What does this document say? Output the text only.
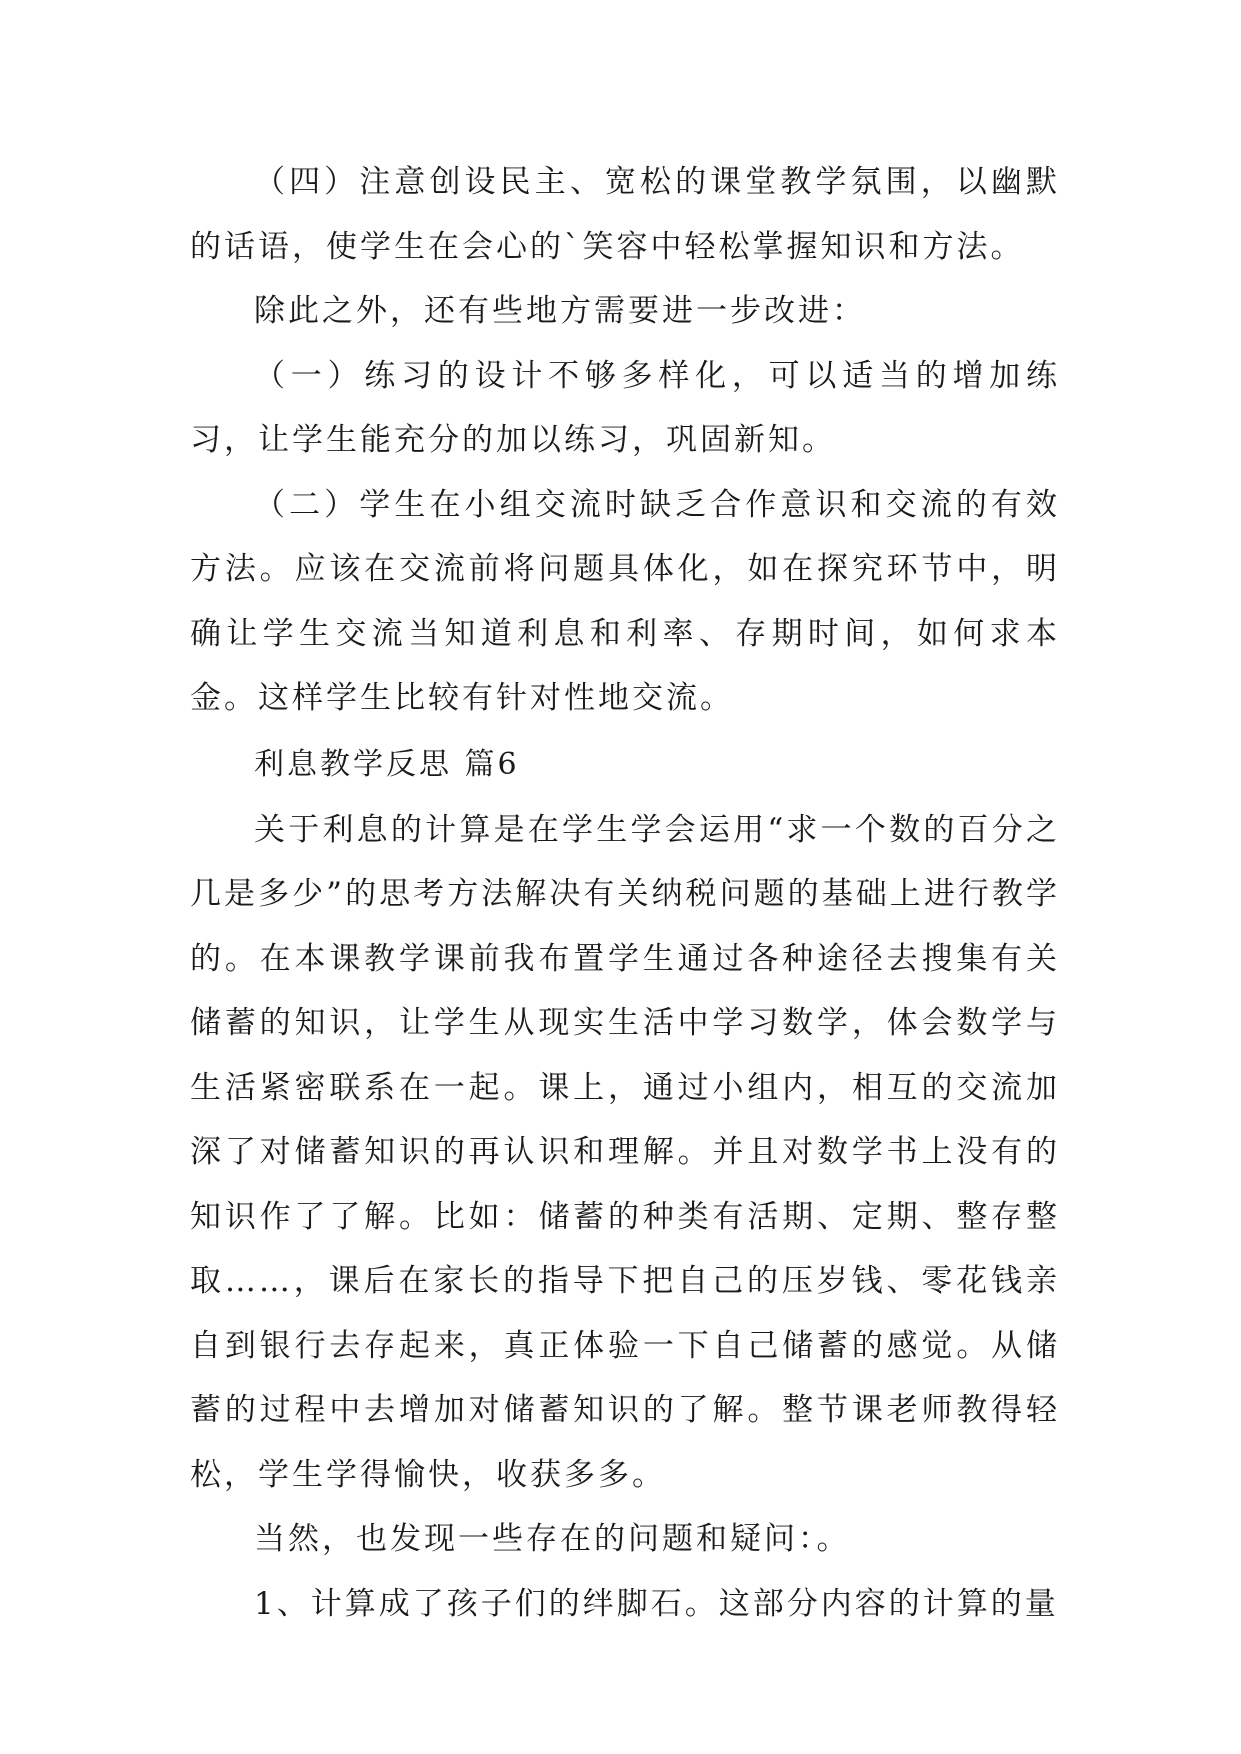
（四）注意创设民主、宽松的课堂教学氛围，以幽默的话语，使学生在会心的`笑容中轻松掌握知识和方法。

除此之外，还有些地方需要进一步改进：

（一）练习的设计不够多样化，可以适当的增加练习，让学生能充分的加以练习，巩固新知。

（二）学生在小组交流时缺乏合作意识和交流的有效方法。应该在交流前将问题具体化，如在探究环节中，明确让学生交流当知道利息和利率、存期时间，如何求本金。这样学生比较有针对性地交流。

利息教学反思 篇6

关于利息的计算是在学生学会运用“求一个数的百分之几是多少”的思考方法解决有关纳税问题的基础上进行教学的。在本课教学课前我布置学生通过各种途径去搜集有关储蓄的知识，让学生从现实生活中学习数学，体会数学与生活紧密联系在一起。课上，通过小组内，相互的交流加深了对储蓄知识的再认识和理解。并且对数学书上没有的知识作了了解。比如：储蓄的种类有活期、定期、整存整取……，课后在家长的指导下把自己的压岁钱、零花钱亲自到银行去存起来，真正体验一下自己储蓄的感觉。从储蓄的过程中去增加对储蓄知识的了解。整节课老师教得轻松，学生学得愉快，收获多多。

当然，也发现一些存在的问题和疑问：。

1、计算成了孩子们的绊脚石。这部分内容的计算的量
